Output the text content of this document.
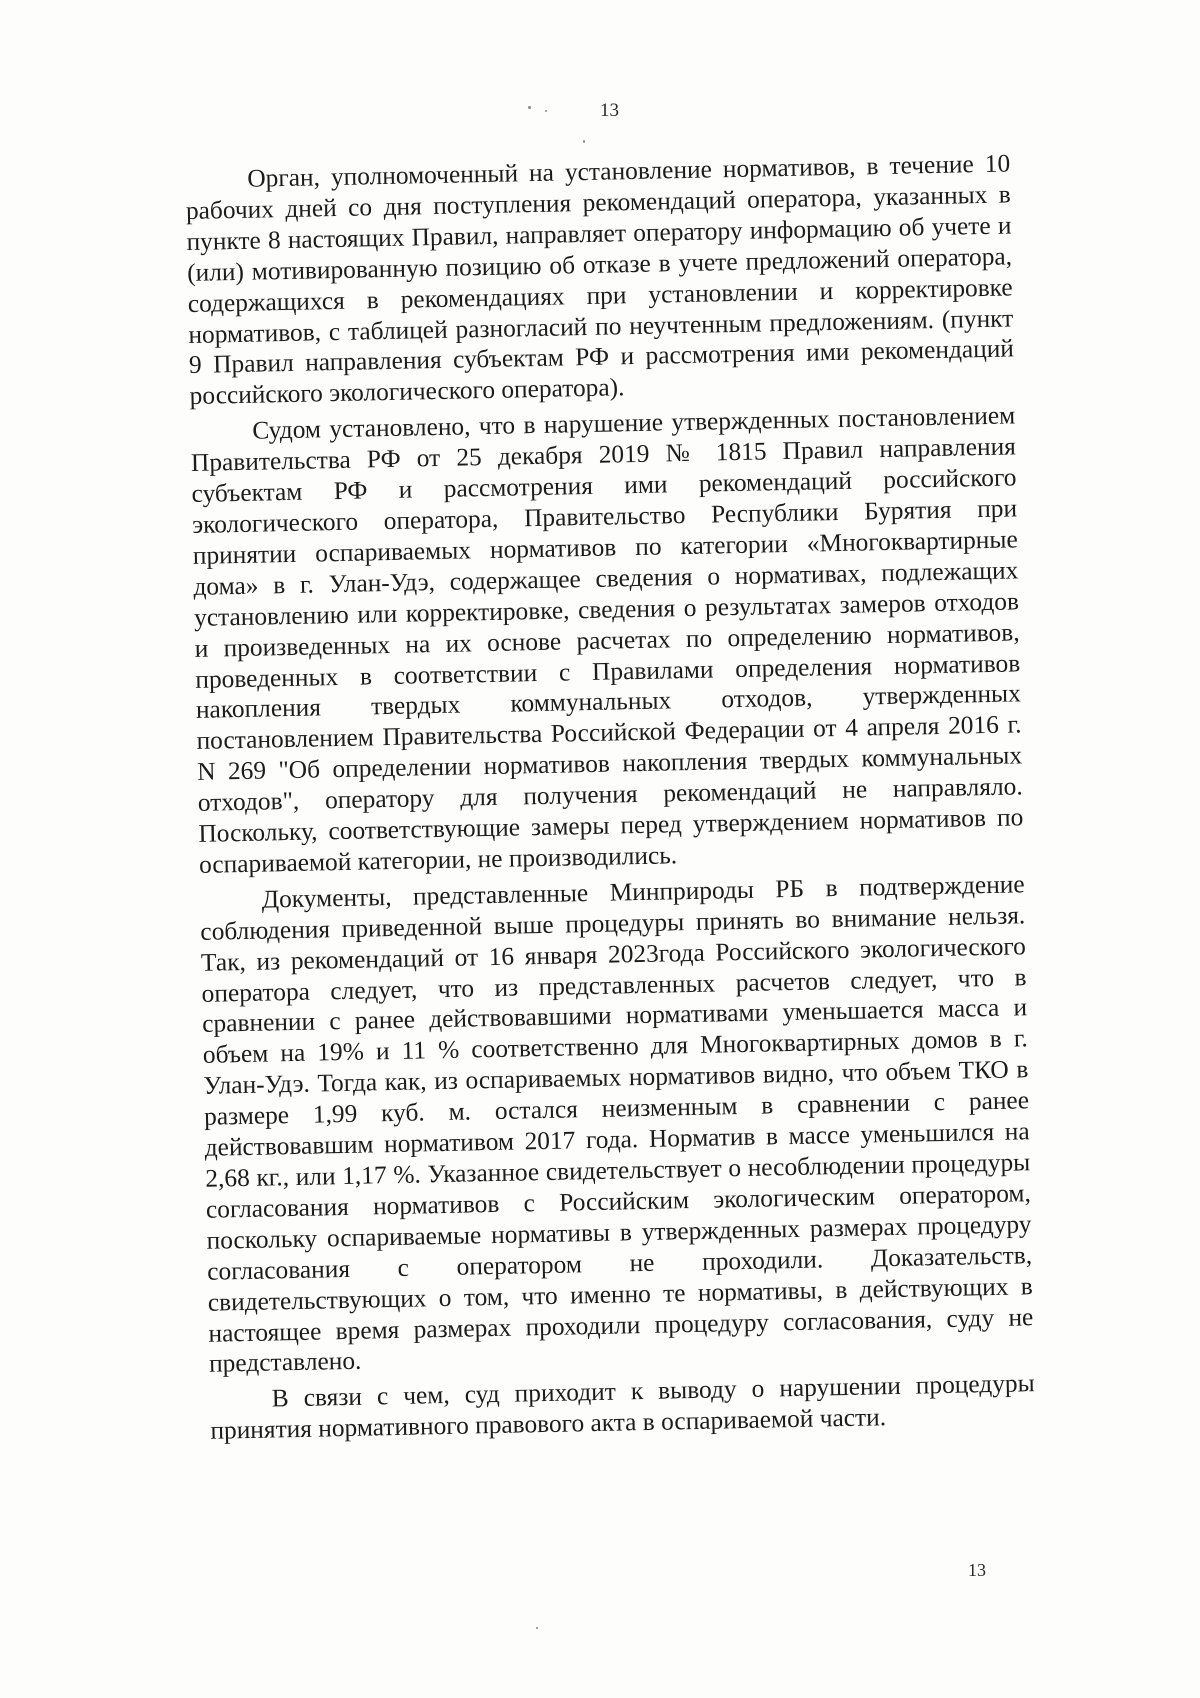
13

Орган, уполномоченный на установление нормативов, в течение 10 рабочих дней со дня поступления рекомендаций оператора, указанных в пункте 8 настоящих Правил, направляет оператору информацию об учете и (или) мотивированную позицию об отказе в учете предложений оператора, содержащихся в рекомендациях при установлении и корректировке нормативов, с таблицей разногласий по неучтенным предложениям. (пункт 9 Правил направления субъектам РФ и рассмотрения ими рекомендаций российского экологического оператора).

Судом установлено, что в нарушение утвержденных постановлением Правительства РФ от 25 декабря 2019 № 1815 Правил направления субъектам РФ и рассмотрения ими рекомендаций российского экологического оператора, Правительство Республики Бурятия при принятии оспариваемых нормативов по категории «Многоквартирные дома» в г. Улан-Удэ, содержащее сведения о нормативах, подлежащих установлению или корректировке, сведения о результатах замеров отходов и произведенных на их основе расчетах по определению нормативов, проведенных в соответствии с Правилами определения нормативов накопления твердых коммунальных отходов, утвержденных постановлением Правительства Российской Федерации от 4 апреля 2016 г. N 269 "Об определении нормативов накопления твердых коммунальных отходов", оператору для получения рекомендаций не направляло. Поскольку, соответствующие замеры перед утверждением нормативов по оспариваемой категории, не производились.

Документы, представленные Минприроды РБ в подтверждение соблюдения приведенной выше процедуры принять во внимание нельзя. Так, из рекомендаций от 16 января 2023года Российского экологического оператора следует, что из представленных расчетов следует, что в сравнении с ранее действовавшими нормативами уменьшается масса и объем на 19% и 11 % соответственно для Многоквартирных домов в г. Улан-Удэ. Тогда как, из оспариваемых нормативов видно, что объем ТКО в размере 1,99 куб. м. остался неизменным в сравнении с ранее действовавшим нормативом 2017 года. Норматив в массе уменьшился на 2,68 кг., или 1,17 %. Указанное свидетельствует о несоблюдении процедуры согласования нормативов с Российским экологическим оператором, поскольку оспариваемые нормативы в утвержденных размерах процедуру согласования с оператором не проходили. Доказательств, свидетельствующих о том, что именно те нормативы, в действующих в настоящее время размерах проходили процедуру согласования, суду не представлено.

В связи с чем, суд приходит к выводу о нарушении процедуры принятия нормативного правового акта в оспариваемой части.

13
